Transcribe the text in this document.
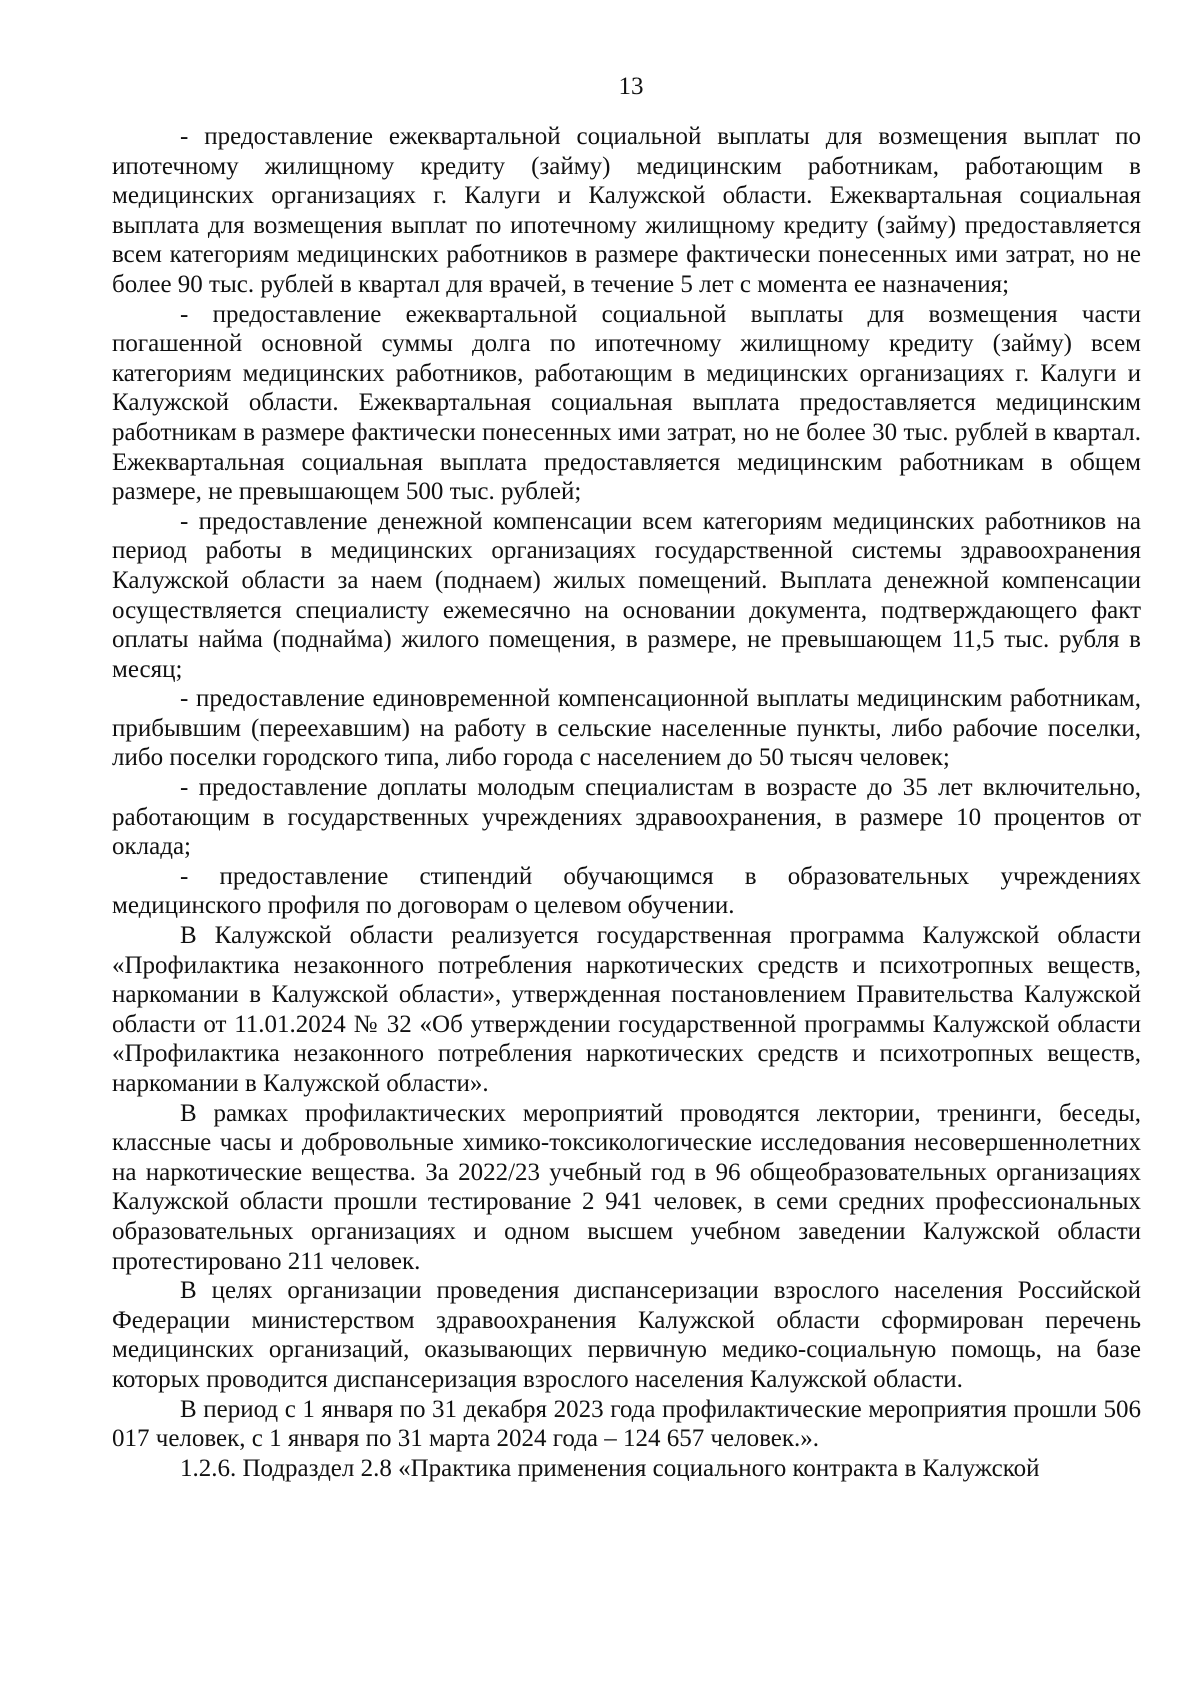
13

- предоставление ежеквартальной социальной выплаты для возмещения выплат по ипотечному жилищному кредиту (займу) медицинским работникам, работающим в медицинских организациях г. Калуги и Калужской области. Ежеквартальная социальная выплата для возмещения выплат по ипотечному жилищному кредиту (займу) предоставляется всем категориям медицинских работников в размере фактически понесенных ими затрат, но не более 90 тыс. рублей в квартал для врачей, в течение 5 лет с момента ее назначения;

- предоставление ежеквартальной социальной выплаты для возмещения части погашенной основной суммы долга по ипотечному жилищному кредиту (займу) всем категориям медицинских работников, работающим в медицинских организациях г. Калуги и Калужской области. Ежеквартальная социальная выплата предоставляется медицинским работникам в размере фактически понесенных ими затрат, но не более 30 тыс. рублей в квартал. Ежеквартальная социальная выплата предоставляется медицинским работникам в общем размере, не превышающем 500 тыс. рублей;

- предоставление денежной компенсации всем категориям медицинских работников на период работы в медицинских организациях государственной системы здравоохранения Калужской области за наем (поднаем) жилых помещений. Выплата денежной компенсации осуществляется специалисту ежемесячно на основании документа, подтверждающего факт оплаты найма (поднайма) жилого помещения, в размере, не превышающем 11,5 тыс. рубля в месяц;

- предоставление единовременной компенсационной выплаты медицинским работникам, прибывшим (переехавшим) на работу в сельские населенные пункты, либо рабочие поселки, либо поселки городского типа, либо города с населением до 50 тысяч человек;

- предоставление доплаты молодым специалистам в возрасте до 35 лет включительно, работающим в государственных учреждениях здравоохранения, в размере 10 процентов от оклада;

- предоставление стипендий обучающимся в образовательных учреждениях медицинского профиля по договорам о целевом обучении.

В Калужской области реализуется государственная программа Калужской области «Профилактика незаконного потребления наркотических средств и психотропных веществ, наркомании в Калужской области», утвержденная постановлением Правительства Калужской области от 11.01.2024 № 32 «Об утверждении государственной программы Калужской области «Профилактика незаконного потребления наркотических средств и психотропных веществ, наркомании в Калужской области».

В рамках профилактических мероприятий проводятся лектории, тренинги, беседы, классные часы и добровольные химико-токсикологические исследования несовершеннолетних на наркотические вещества. За 2022/23 учебный год в 96 общеобразовательных организациях Калужской области прошли тестирование 2 941 человек, в семи средних профессиональных образовательных организациях и одном высшем учебном заведении Калужской области протестировано 211 человек.

В целях организации проведения диспансеризации взрослого населения Российской Федерации министерством здравоохранения Калужской области сформирован перечень медицинских организаций, оказывающих первичную медико-социальную помощь, на базе которых проводится диспансеризация взрослого населения Калужской области.

В период с 1 января по 31 декабря 2023 года профилактические мероприятия прошли 506 017 человек, с 1 января по 31 марта 2024 года – 124 657 человек.».

1.2.6. Подраздел 2.8 «Практика применения социального контракта в Калужской
